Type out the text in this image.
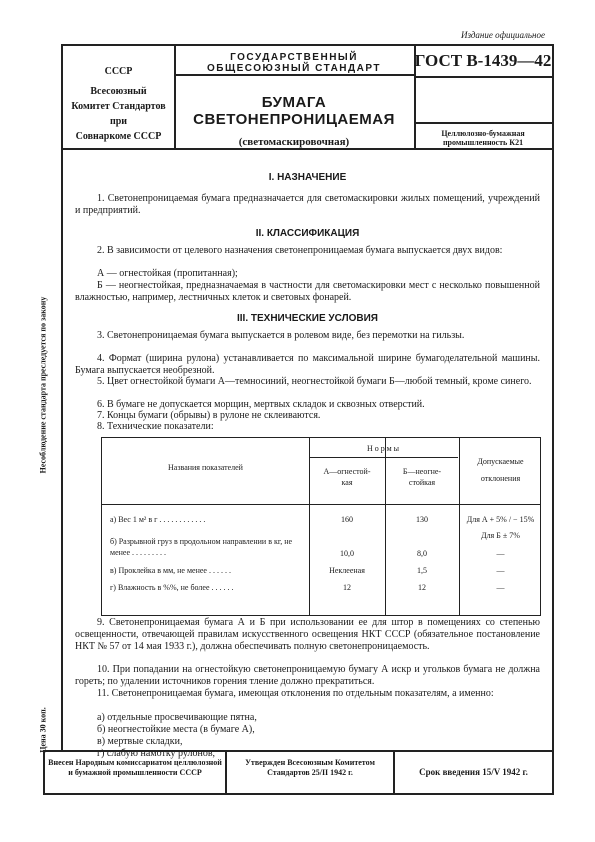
Издание официальное
СССР
Всесоюзный
Комитет Стандартов
при
Совнаркоме СССР
ГОСУДАРСТВЕННЫЙ
ОБЩЕСОЮЗНЫЙ СТАНДАРТ
БУМАГА СВЕТОНЕПРОНИЦАЕМАЯ
(светомаскировочная)
ГОСТ В-1439—42
Целлюлозно-бумажная
промышленность К21
Несоблюдение стандарта преследуется по закону
Цена 30 коп.
I. НАЗНАЧЕНИЕ
1. Светонепроницаемая бумага предназначается для светомаскировки жилых помещений, учреждений и предприятий.
II. КЛАССИФИКАЦИЯ
2. В зависимости от целевого назначения светонепроницаемая бумага выпускается двух видов:
А — огнестойкая (пропитанная);
Б — неогнестойкая, предназначаемая в частности для светомаскировки мест с несколько повышенной влажностью, например, лестничных клеток и световых фонарей.
III. ТЕХНИЧЕСКИЕ УСЛОВИЯ
3. Светонепроницаемая бумага выпускается в ролевом виде, без перемотки на гильзы.
4. Формат (ширина рулона) устанавливается по максимальной ширине бумагоделательной машины. Бумага выпускается необрезной.
5. Цвет огнестойкой бумаги А—темносиний, неогнестойкой бумаги Б—любой темный, кроме синего.
6. В бумаге не допускается морщин, мертвых складок и сквозных отверстий.
7. Концы бумаги (обрывы) в рулоне не склеиваются.
8. Технические показатели:
Названия показателей
Нормы
А—огнестой-
кая
Б—неогне-
стойкая
Допускаемые
отклонения
а) Вес 1 м² в г . . . . . . . . . . . .	160	130	Для А + 5% / − 15%
Для Б ± 7%
б) Разрывной груз в продольном направлении в кг, не менее . . . . . . . . .	10,0	8,0	—
в) Проклейка в мм, не менее . . . . . .	Неклееная	1,5	—
г) Влажность в %%, не более . . . . . .	12	12	—
9. Светонепроницаемая бумага А и Б при использовании ее для штор в помещениях со степенью освещенности, отвечающей правилам искусственного освещения НКТ СССР (обязательное постановление НКТ № 57 от 14 мая 1933 г.), должна обеспечивать полную светонепроницаемость.
10. При попадании на огнестойкую светонепроницаемую бумагу А искр и угольков бумага не должна гореть; по удалении источников горения тление должно прекратиться.
11. Светонепроницаемая бумага, имеющая отклонения по отдельным показателям, а именно:
а) отдельные просвечивающие пятна,
б) неогнестойкие места (в бумаге А),
в) мертвые складки,
г) слабую намотку рулонов,
Внесен Народным комиссариатом целлюлозной и бумажной промышленности СССР
Утвержден Всесоюзным Комитетом Стандартов 25/II 1942 г.	Срок введения 15/V 1942 г.
